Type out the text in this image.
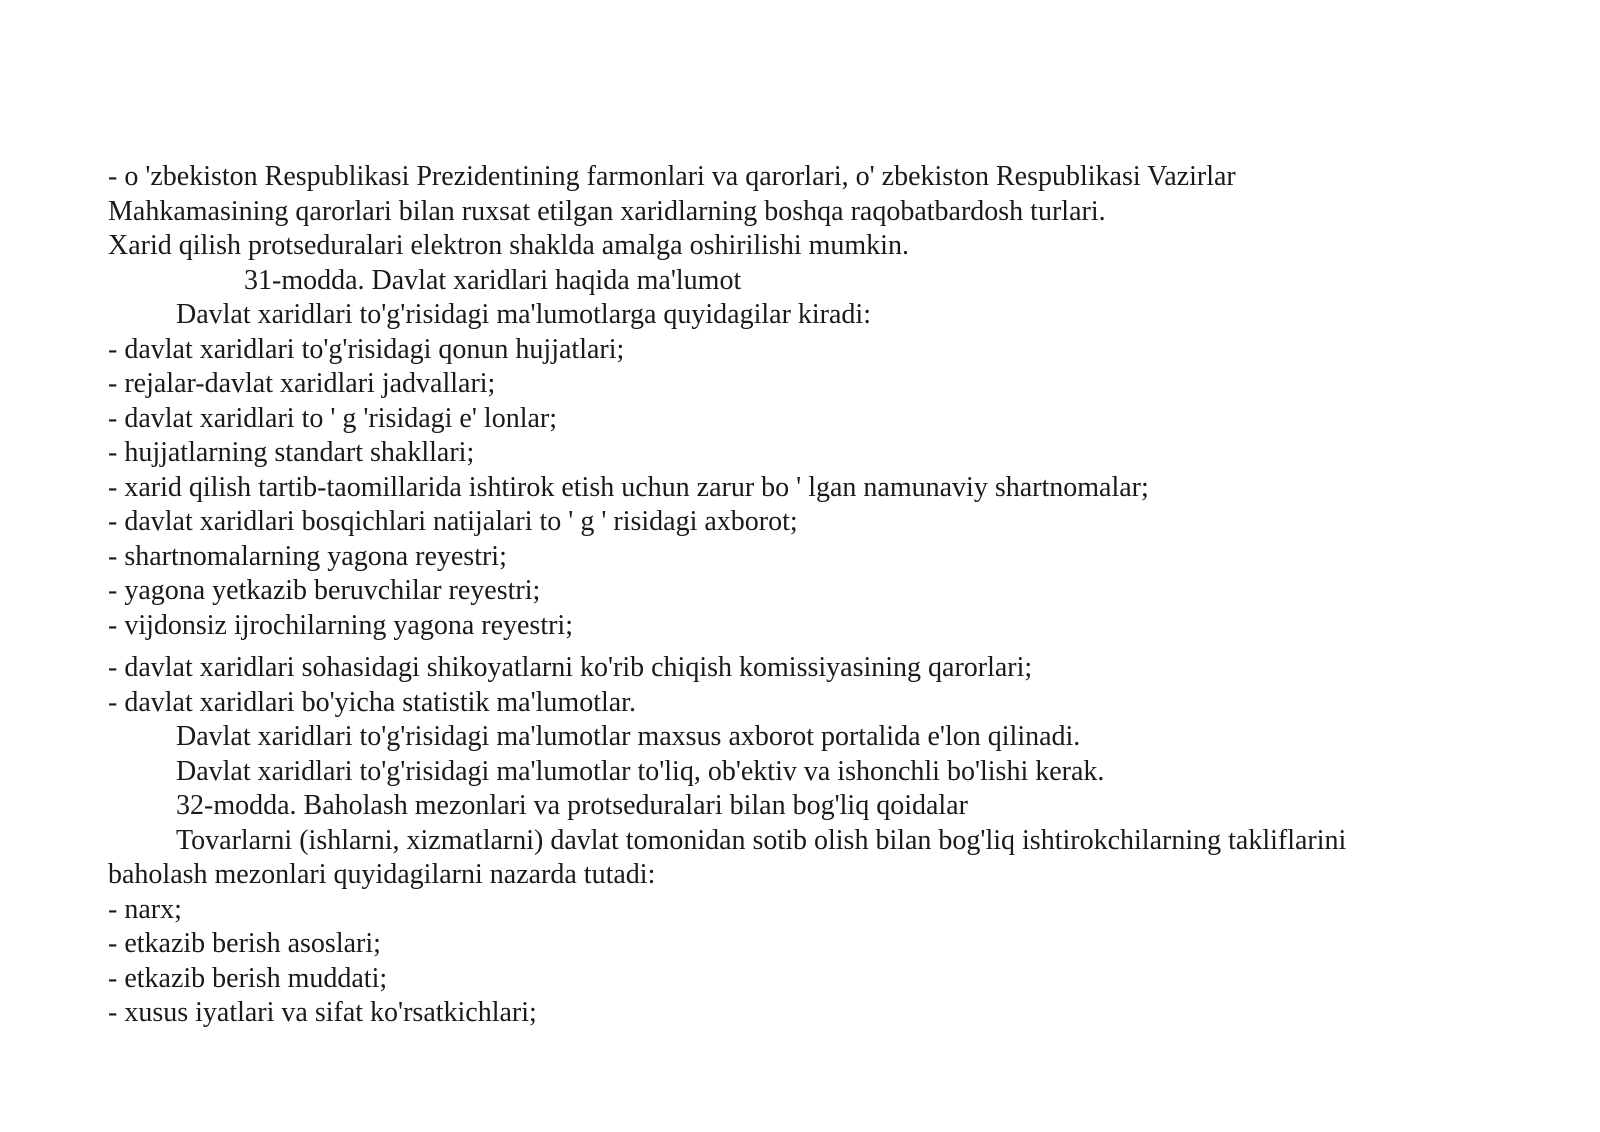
- o 'zbekiston Respublikasi Prezidentining farmonlari va qarorlari, o' zbekiston Respublikasi Vazirlar
Mahkamasining qarorlari bilan ruxsat etilgan xaridlarning boshqa raqobatbardosh turlari.
Xarid qilish protseduralari elektron shakldа amalga oshirilishi mumkin.
31-modda. Davlat xaridlari haqida ma'lumot
Davlat xaridlari to'g'risidagi ma'lumotlarga quyidagilar kiradi:
- davlat xaridlari to'g'risidagi qonun hujjatlari;
- rejalar-davlat xaridlari jadvallari;
- davlat xaridlari to ' g 'risidagi e' lonlar;
- hujjatlarning standart shakllari;
- xarid qilish tartib-taomillarida ishtirok etish uchun zarur bo ' lgan namunaviy shartnomalar;
- davlat xaridlari bosqichlari natijalari to ' g ' risidagi axborot;
- shartnomalarning yagona reyestri;
- yagona yetkazib beruvchilar reyestri;
- vijdonsiz ijrochilarning yagona reyestri;
- davlat xaridlari sohasidagi shikoyatlarni ko'rib chiqish komissiyasining qarorlari;
- davlat xaridlari bo'yicha statistik ma'lumotlar.
Davlat xaridlari to'g'risidagi ma'lumotlar maxsus axborot portalida e'lon qilinadi.
Davlat xaridlari to'g'risidagi ma'lumotlar to'liq, ob'ektiv va ishonchli bo'lishi kerak.
32-modda. Baholash mezonlari va protseduralari bilan bog'liq qoidalar
Tovarlarni (ishlarni, xizmatlarni) davlat tomonidan sotib olish bilan bog'liq ishtirokchilarning takliflarini
baholash mezonlari quyidagilarni nazarda tutadi:
- narx;
- etkazib berish asoslari;
- etkazib berish muddati;
- xusus iyatlari va sifat ko'rsatkichlari;
